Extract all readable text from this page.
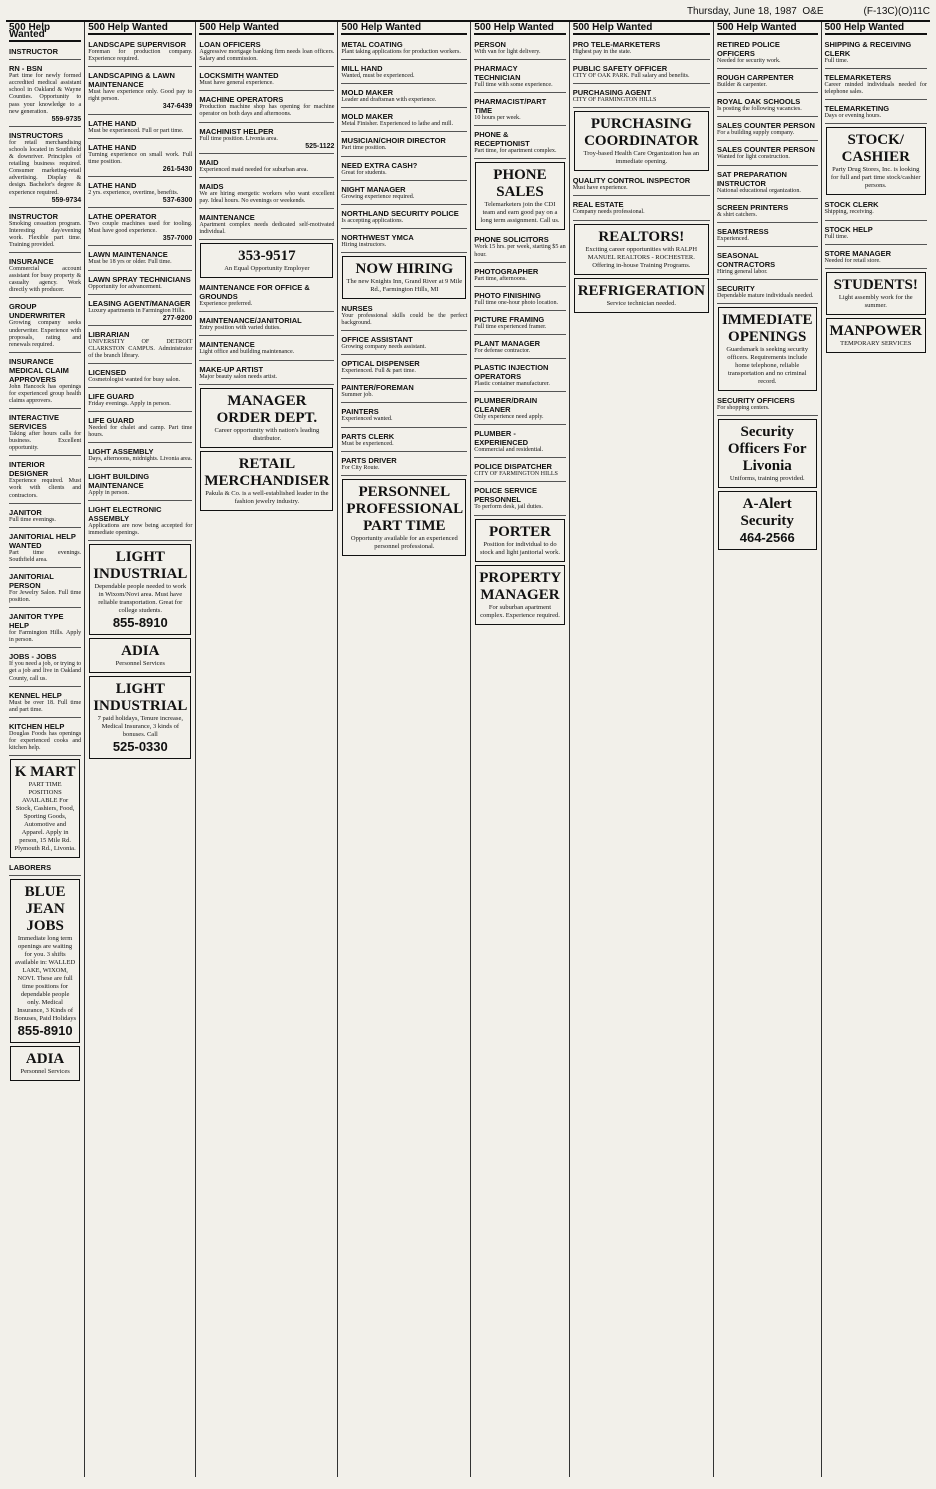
Thursday, June 18, 1987 O&E	(F-13C)(O)11C
500 Help Wanted
INSTRUCTOR
RN - BSN
Part time for newly formed accredited medical assistant school in Oakland & Wayne Counties. Opportunity to pass your knowledge to a new generation.
559-9735
INSTRUCTORS
for retail merchandising schools located in Southfield & downriver. Principles of retailing business required. Consumer marketing-retail advertising. Display & design. Bachelor's degree & experience required.
559-9734
INSTRUCTOR
Smoking cessation program. Interesting day/evening work. Flexible part time. Training provided.
INSURANCE
Commercial account assistant for busy property & casualty agency. Work directly with producer.
GROUP UNDERWRITER
Growing company seeks underwriter. Experience with proposals, rating and renewals required.
INSURANCE MEDICAL CLAIM APPROVERS
John Hancock has openings for experienced group health claims approvers.
INTERACTIVE SERVICES
Taking after hours calls for business. Excellent opportunity.
INTERIOR DESIGNER
Experience required. Must work with clients and contractors.
JANITOR
Full time evenings.
JANITORIAL HELP WANTED
Part time evenings. Southfield area.
JANITORIAL PERSON
For Jewelry Salon. Full time position.
JANITOR TYPE HELP
for Farmington Hills. Apply in person.
JOBS - JOBS
If you need a job, or trying to get a job and live in Oakland County, call us.
KENNEL HELP
Must be over 18. Full time and part time.
KITCHEN HELP
Douglas Foods has openings for experienced cooks and kitchen help.
K MART
PART TIME POSITIONS AVAILABLE For Stock, Cashiers, Food, Sporting Goods, Automotive and Apparel. Apply in person, 15 Mile Rd. Plymouth Rd., Livonia.
LABORERS
BLUE JEAN JOBS
Immediate long term openings are waiting for you. 3 shifts available in: WALLED LAKE, WIXOM, NOVI. These are full time positions for dependable people only. Medical Insurance, 3 Kinds of Bonuses, Paid Holidays
855-8910
ADIA
Personnel Services
500 Help Wanted
LANDSCAPE SUPERVISOR
Foreman for production company. Experience required.
LANDSCAPING & LAWN MAINTENANCE
Must have experience only. Good pay to right person.
347-6439
LATHE HAND
Must be experienced. Full or part time.
LATHE HAND
Turning experience on small work. Full time position.
261-5430
LATHE HAND
2 yrs. experience, overtime, benefits.
537-6300
LATHE OPERATOR
Two couple machines used for tooling. Must have good experience.
357-7000
LAWN MAINTENANCE
Must be 18 yrs or older. Full time.
LAWN SPRAY TECHNICIANS
Opportunity for advancement.
LEASING AGENT/MANAGER
Luxury apartments in Farmington Hills.
277-9200
LIBRARIAN
UNIVERSITY OF DETROIT CLARKSTON CAMPUS. Administrator of the branch library.
LICENSED
Cosmetologist wanted for busy salon.
LIFE GUARD
Friday evenings. Apply in person.
LIFE GUARD
Needed for chalet and camp. Part time hours.
LIGHT ASSEMBLY
Days, afternoons, midnights. Livonia area.
LIGHT BUILDING MAINTENANCE
Apply in person.
LIGHT ELECTRONIC ASSEMBLY
Applications are now being accepted for immediate openings.
LIGHT INDUSTRIAL
Dependable people needed to work in Wixom/Novi area. Must have reliable transportation. Great for college students.
855-8910
ADIA
Personnel Services
LIGHT INDUSTRIAL
7 paid holidays, Tenure increase, Medical Insurance, 3 kinds of bonuses. Call
525-0330
500 Help Wanted
LOAN OFFICERS
Aggressive mortgage banking firm needs loan officers. Salary and commission.
LOCKSMITH WANTED
Must have general experience.
MACHINE OPERATORS
Production machine shop has opening for machine operator on both days and afternoons.
MACHINIST HELPER
Full time position. Livonia area.
525-1122
MAID
Experienced maid needed for suburban area.
MAIDS
We are hiring energetic workers who want excellent pay. Ideal hours. No evenings or weekends.
MAINTENANCE
Apartment complex needs dedicated self-motivated individual.
353-9517
An Equal Opportunity Employer
MAINTENANCE FOR OFFICE & GROUNDS
Experience preferred.
MAINTENANCE/JANITORIAL
Entry position with varied duties.
MAINTENANCE
Light office and building maintenance.
MAKE-UP ARTIST
Major beauty salon needs artist.
MANAGER ORDER DEPT.
Career opportunity with nation's leading distributor.
RETAIL MERCHANDISER
Pakula & Co. is a well-established leader in the fashion jewelry industry.
500 Help Wanted
METAL COATING
Plant taking applications for production workers.
MILL HAND
Wanted, must be experienced.
MOLD MAKER
Leader and draftsman with experience.
MOLD MAKER
Metal Finisher. Experienced to lathe and mill.
MUSICIAN/CHOIR DIRECTOR
Part time position.
NEED EXTRA CASH?
Great for students.
NIGHT MANAGER
Growing experience required.
NORTHLAND SECURITY POLICE
Is accepting applications.
NORTHWEST YMCA
Hiring instructors.
NOW HIRING
The new Knights Inn, Grand River at 9 Mile Rd., Farmington Hills, MI
NURSES
Your professional skills could be the perfect background.
OFFICE ASSISTANT
Growing company needs assistant.
OPTICAL DISPENSER
Experienced. Full & part time.
PAINTER/FOREMAN
Summer job.
PAINTERS
Experienced wanted.
PARTS CLERK
Must be experienced.
PARTS DRIVER
For City Route.
PERSONNEL PROFESSIONAL PART TIME
Opportunity available for an experienced personnel professional.
500 Help Wanted
PERSON
With van for light delivery.
PHARMACY TECHNICIAN
Full time with some experience.
PHARMACIST/PART TIME
10 hours per week.
PHONE & RECEPTIONIST
Part time, for apartment complex.
PHONE SALES
Telemarketers join the CDI team and earn good pay on a long term assignment. Call us.
PHONE SOLICITORS
Work 15 hrs. per week, starting $5 an hour.
PHOTOGRAPHER
Part time, afternoons.
PHOTO FINISHING
Full time one-hour photo location.
PICTURE FRAMING
Full time experienced framer.
PLANT MANAGER
For defense contractor.
PLASTIC INJECTION OPERATORS
Plastic container manufacturer.
PLUMBER/DRAIN CLEANER
Only experience need apply.
PLUMBER - EXPERIENCED
Commercial and residential.
POLICE DISPATCHER
CITY OF FARMINGTON HILLS
POLICE SERVICE PERSONNEL
To perform desk, jail duties.
PORTER
Position for individual to do stock and light janitorial work.
PROPERTY MANAGER
For suburban apartment complex. Experience required.
500 Help Wanted
PRO TELE-MARKETERS
Highest pay in the state.
PUBLIC SAFETY OFFICER
CITY OF OAK PARK. Full salary and benefits.
PURCHASING AGENT
CITY OF FARMINGTON HILLS
PURCHASING COORDINATOR
Troy-based Health Care Organization has an immediate opening.
QUALITY CONTROL INSPECTOR
Must have experience.
REAL ESTATE
Company needs professional.
REALTORS!
Exciting career opportunities with RALPH MANUEL REALTORS - ROCHESTER. Offering in-house Training Programs.
REFRIGERATION
Service technician needed.
500 Help Wanted
RETIRED POLICE OFFICERS
Needed for security work.
ROUGH CARPENTER
Builder & carpenter.
ROYAL OAK SCHOOLS
Is posting the following vacancies.
SALES COUNTER PERSON
For a building supply company.
SALES COUNTER PERSON
Wanted for light construction.
SAT PREPARATION INSTRUCTOR
National educational organization.
SCREEN PRINTERS
& shirt catchers.
SEAMSTRESS
Experienced.
SEASONAL CONTRACTORS
Hiring general labor.
SECURITY
Dependable mature individuals needed.
IMMEDIATE OPENINGS
Guardsmark is seeking security officers. Requirements include home telephone, reliable transportation and no criminal record.
SECURITY OFFICERS
For shopping centers.
Security Officers For Livonia
Uniforms, training provided.
A-Alert Security
464-2566
500 Help Wanted
SHIPPING & RECEIVING CLERK
Full time.
TELEMARKETERS
Career minded individuals needed for telephone sales.
TELEMARKETING
Days or evening hours.
STOCK/ CASHIER
Party Drug Stores, Inc. is looking for full and part time stock/cashier persons.
STOCK CLERK
Shipping, receiving.
STOCK HELP
Full time.
STORE MANAGER
Needed for retail store.
STUDENTS!
Light assembly work for the summer.
MANPOWER
TEMPORARY SERVICES
